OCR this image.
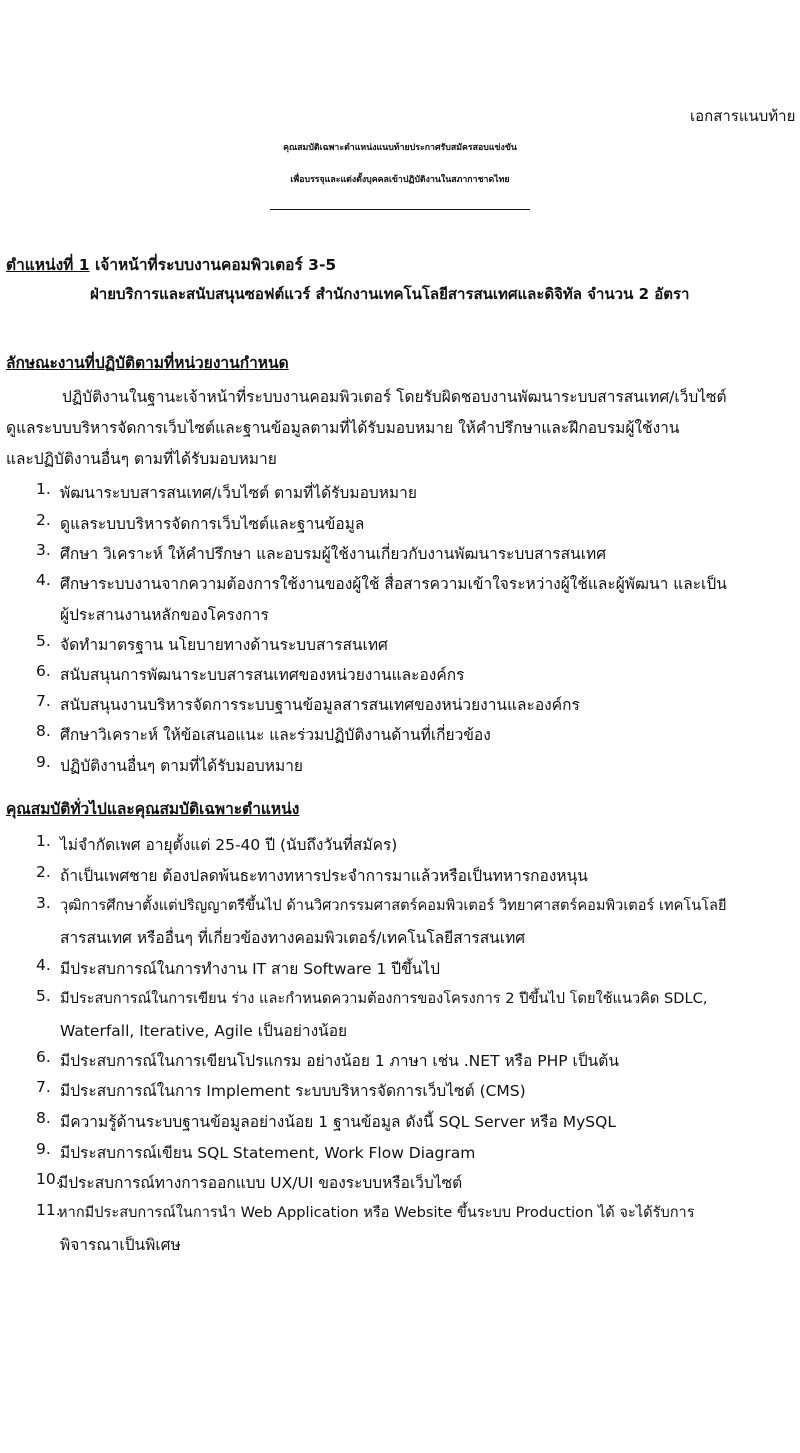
เอกสารแนบท้าย
คุณสมบัติเฉพาะตำแหน่งแนบท้ายประกาศรับสมัครสอบแข่งขัน
เพื่อบรรจุและแต่งตั้งบุคคลเข้าปฏิบัติงานในสภากาชาดไทย
ตำแหน่งที่ 1 เจ้าหน้าที่ระบบงานคอมพิวเตอร์ 3-5
ฝ่ายบริการและสนับสนุนซอฟต์แวร์ สำนักงานเทคโนโลยีสารสนเทศและดิจิทัล จำนวน 2 อัตรา
ลักษณะงานที่ปฏิบัติตามที่หน่วยงานกำหนด
ปฏิบัติงานในฐานะเจ้าหน้าที่ระบบงานคอมพิวเตอร์ โดยรับผิดชอบงานพัฒนาระบบสารสนเทศ/เว็บไซต์
ดูแลระบบบริหารจัดการเว็บไซต์และฐานข้อมูลตามที่ได้รับมอบหมาย ให้คำปรึกษาและฝึกอบรมผู้ใช้งาน
และปฏิบัติงานอื่นๆ ตามที่ได้รับมอบหมาย
1. พัฒนาระบบสารสนเทศ/เว็บไซต์ ตามที่ได้รับมอบหมาย
2. ดูแลระบบบริหารจัดการเว็บไซต์และฐานข้อมูล
3. ศึกษา วิเคราะห์ ให้คำปรึกษา และอบรมผู้ใช้งานเกี่ยวกับงานพัฒนาระบบสารสนเทศ
4. ศึกษาระบบงานจากความต้องการใช้งานของผู้ใช้ สื่อสารความเข้าใจระหว่างผู้ใช้และผู้พัฒนา และเป็น
ผู้ประสานงานหลักของโครงการ
5. จัดทำมาตรฐาน นโยบายทางด้านระบบสารสนเทศ
6. สนับสนุนการพัฒนาระบบสารสนเทศของหน่วยงานและองค์กร
7. สนับสนุนงานบริหารจัดการระบบฐานข้อมูลสารสนเทศของหน่วยงานและองค์กร
8. ศึกษาวิเคราะห์ ให้ข้อเสนอแนะ และร่วมปฏิบัติงานด้านที่เกี่ยวข้อง
9. ปฏิบัติงานอื่นๆ ตามที่ได้รับมอบหมาย
คุณสมบัติทั่วไปและคุณสมบัติเฉพาะตำแหน่ง
1. ไม่จำกัดเพศ อายุตั้งแต่ 25-40 ปี (นับถึงวันที่สมัคร)
2. ถ้าเป็นเพศชาย ต้องปลดพ้นธะทางทหารประจำการมาแล้วหรือเป็นทหารกองหนุน
3. วุฒิการศึกษาตั้งแต่ปริญญาตรีขึ้นไป ด้านวิศวกรรมศาสตร์คอมพิวเตอร์ วิทยาศาสตร์คอมพิวเตอร์ เทคโนโลยี
สารสนเทศ หรืออื่นๆ ที่เกี่ยวข้องทางคอมพิวเตอร์/เทคโนโลยีสารสนเทศ
4. มีประสบการณ์ในการทำงาน IT สาย Software 1 ปีขึ้นไป
5. มีประสบการณ์ในการเขียน ร่าง และกำหนดความต้องการของโครงการ 2 ปีขึ้นไป โดยใช้แนวคิด SDLC,
Waterfall, Iterative, Agile เป็นอย่างน้อย
6. มีประสบการณ์ในการเขียนโปรแกรม อย่างน้อย 1 ภาษา เช่น .NET หรือ PHP เป็นต้น
7. มีประสบการณ์ในการ Implement ระบบบริหารจัดการเว็บไซต์ (CMS)
8. มีความรู้ด้านระบบฐานข้อมูลอย่างน้อย 1 ฐานข้อมูล ดังนี้ SQL Server หรือ MySQL
9. มีประสบการณ์เขียน SQL Statement, Work Flow Diagram
10.
มีประสบการณ์ทางการออกแบบ UX/UI ของระบบหรือเว็บไซต์
11.
หากมีประสบการณ์ในการนำ Web Application หรือ Website ขึ้นระบบ Production ได้ จะได้รับการ
พิจารณาเป็นพิเศษ
